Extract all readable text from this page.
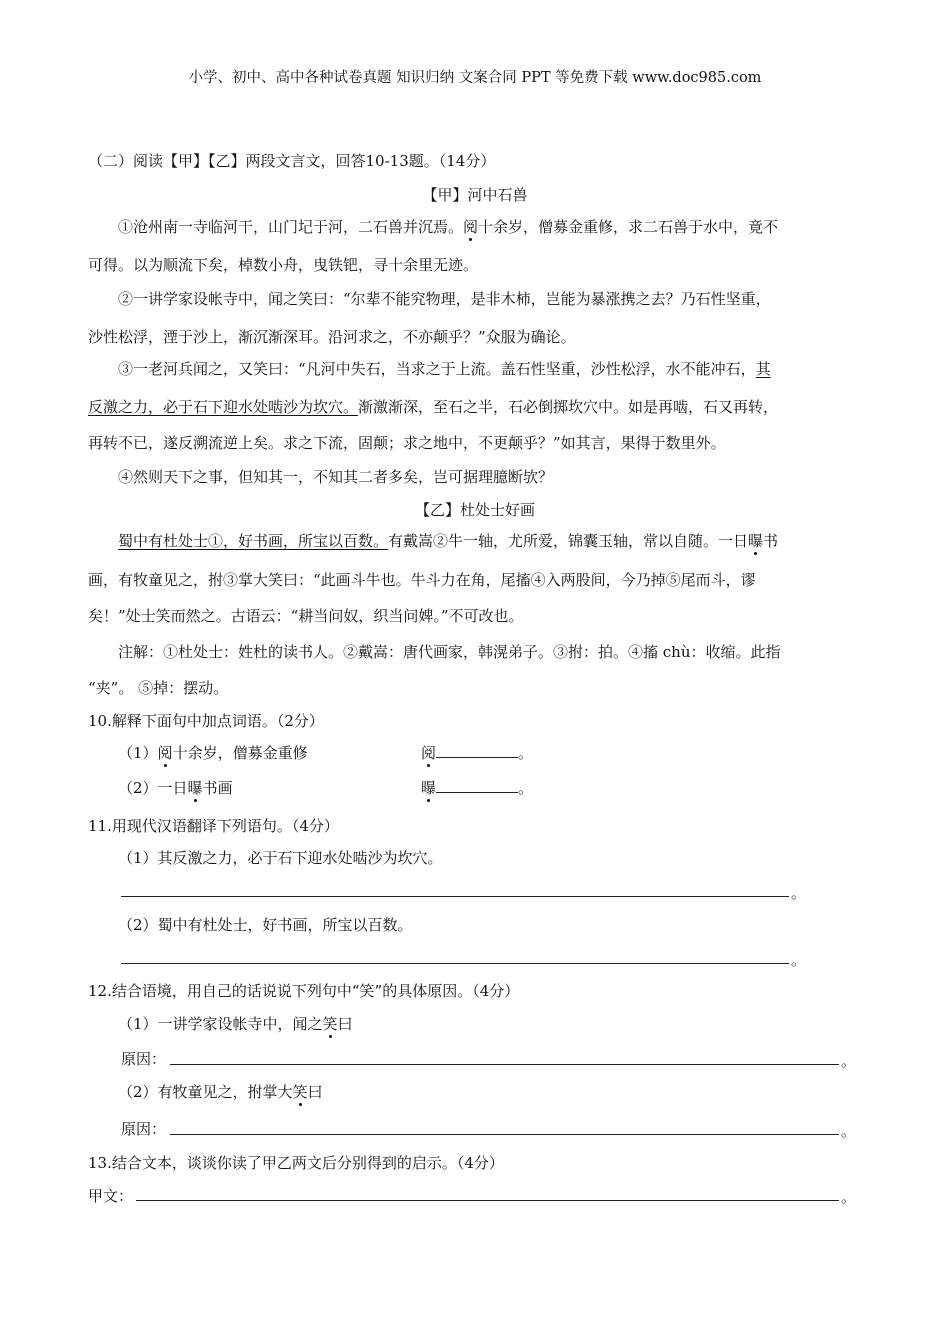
小学、初中、高中各种试卷真题 知识归纳 文案合同 PPT 等免费下载 www.doc985.com
（二）阅读【甲】【乙】两段文言文，回答10-13题。（14分）
【甲】河中石兽
①沧州南一寺临河干，山门圮于河，二石兽并沉焉。阅十余岁，僧募金重修，求二石兽于水中，竟不
可得。以为顺流下矣，棹数小舟，曳铁钯，寻十余里无迹。
②一讲学家设帐寺中，闻之笑曰：“尔辈不能究物理，是非木柿，岂能为暴涨携之去？乃石性坚重，
沙性松浮，湮于沙上，渐沉渐深耳。沿河求之，不亦颠乎？”众服为确论。
③一老河兵闻之，又笑曰：“凡河中失石，当求之于上流。盖石性坚重，沙性松浮，水不能冲石，其
反激之力，必于石下迎水处啮沙为坎穴。渐激渐深，至石之半，石必倒掷坎穴中。如是再啮，石又再转，
再转不已，遂反溯流逆上矣。求之下流，固颠；求之地中，不更颠乎？”如其言，果得于数里外。
④然则天下之事，但知其一，不知其二者多矣，岂可据理臆断欤？
【乙】杜处士好画
蜀中有杜处士①，好书画，所宝以百数。有戴嵩②牛一轴，尤所爱，锦囊玉轴，常以自随。一日曝书
画，有牧童见之，拊③掌大笑曰：“此画斗牛也。牛斗力在角，尾搐④入两股间，今乃掉⑤尾而斗，谬
矣！”处士笑而然之。古语云：“耕当问奴，织当问婢。”不可改也。
注解：①杜处士：姓杜的读书人。②戴嵩：唐代画家，韩滉弟子。③拊：拍。④搐 chù：收缩。此指
“夹”。 ⑤掉：摆动。
10.解释下面句中加点词语。（2分）
（1）阅十余岁，僧募金重修	阅	。
（2）一日曝书画	曝	。
11.用现代汉语翻译下列语句。（4分）
（1）其反激之力，必于石下迎水处啮沙为坎穴。
。
（2）蜀中有杜处士，好书画，所宝以百数。
。
12.结合语境，用自己的话说说下列句中“笑”的具体原因。（4分）
（1）一讲学家设帐寺中，闻之笑曰
原因：	。
（2）有牧童见之，拊掌大笑曰
原因：	。
13.结合文本，谈谈你读了甲乙两文后分别得到的启示。（4分）
甲文：	。
